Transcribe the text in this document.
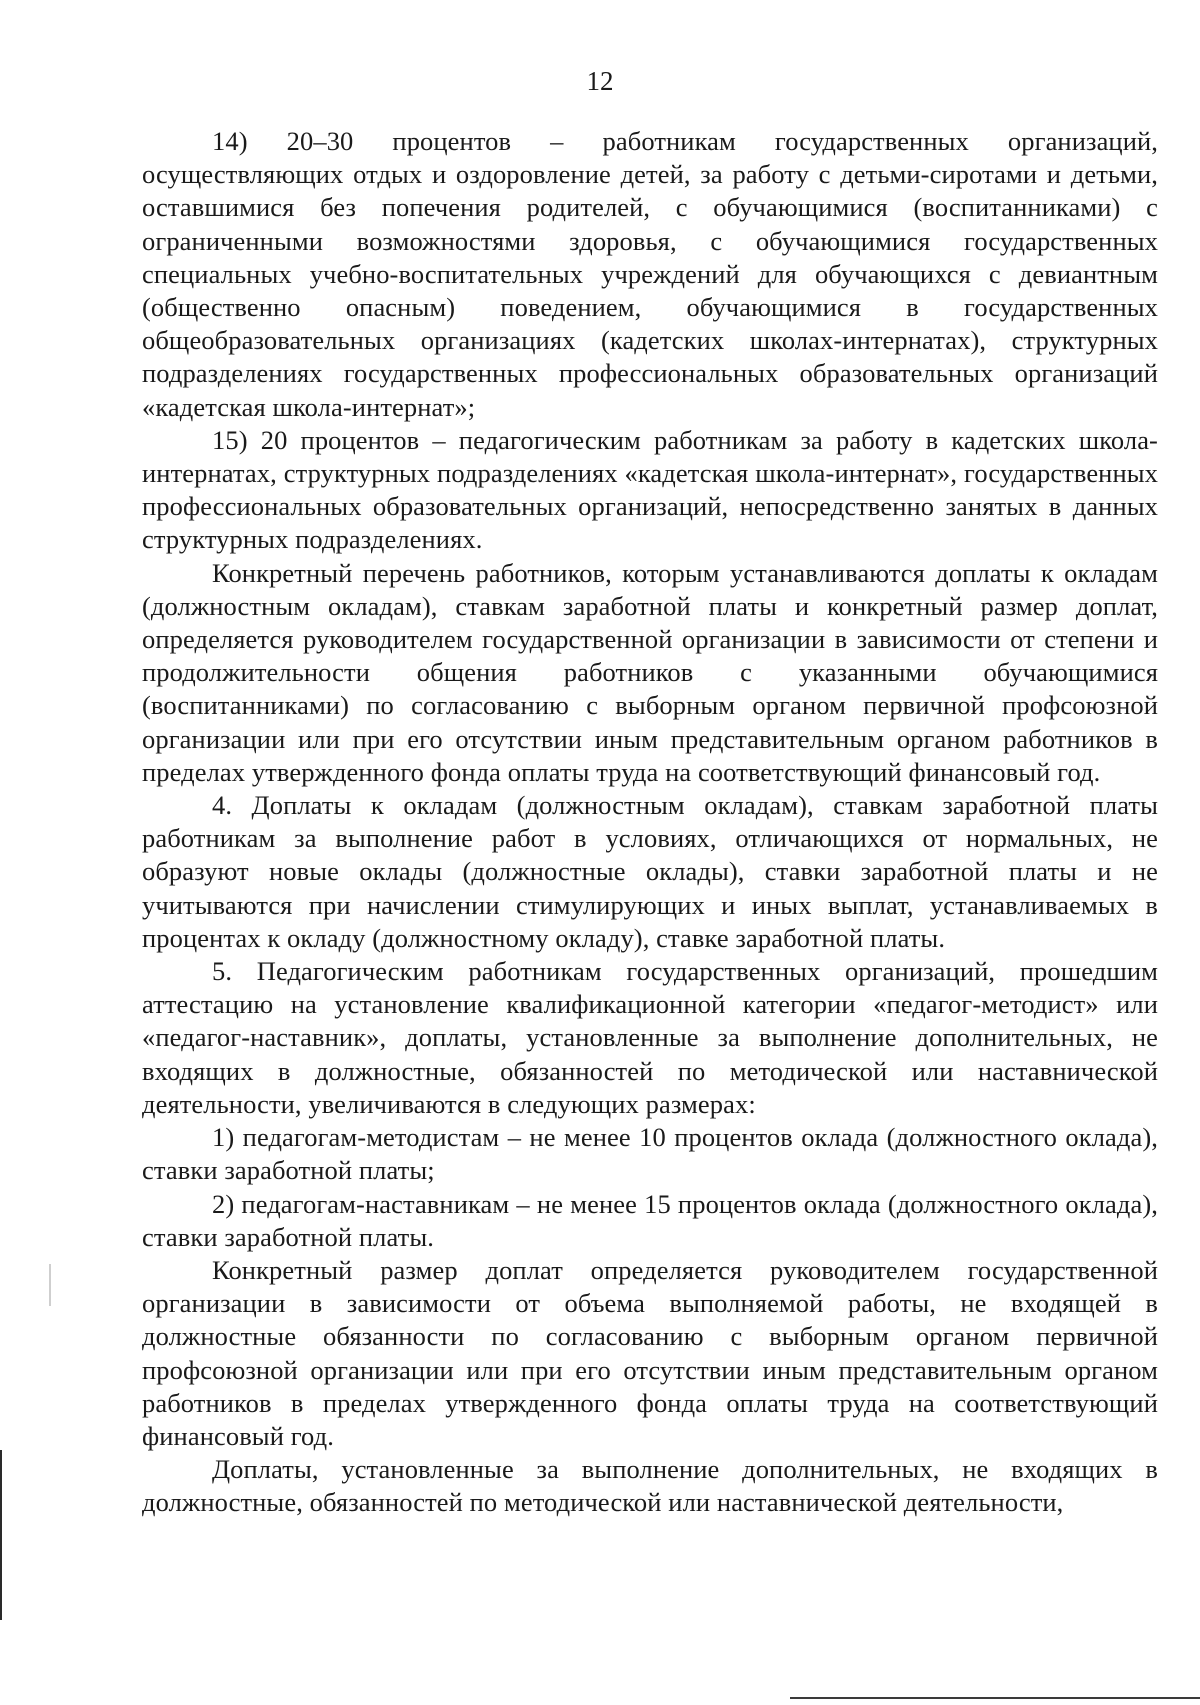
12

14) 20–30 процентов – работникам государственных организаций, осуществляющих отдых и оздоровление детей, за работу с детьми-сиротами и детьми, оставшимися без попечения родителей, с обучающимися (воспитанниками) с ограниченными возможностями здоровья, с обучающимися государственных специальных учебно-воспитательных учреждений для обучающихся с девиантным (общественно опасным) поведением, обучающимися в государственных общеобразовательных организациях (кадетских школах-интернатах), структурных подразделениях государственных профессиональных образовательных организаций «кадетская школа-интернат»;

15) 20 процентов – педагогическим работникам за работу в кадетских школа-интернатах, структурных подразделениях «кадетская школа-интернат», государственных профессиональных образовательных организаций, непосредственно занятых в данных структурных подразделениях.

Конкретный перечень работников, которым устанавливаются доплаты к окладам (должностным окладам), ставкам заработной платы и конкретный размер доплат, определяется руководителем государственной организации в зависимости от степени и продолжительности общения работников с указанными обучающимися (воспитанниками) по согласованию с выборным органом первичной профсоюзной организации или при его отсутствии иным представительным органом работников в пределах утвержденного фонда оплаты труда на соответствующий финансовый год.

4. Доплаты к окладам (должностным окладам), ставкам заработной платы работникам за выполнение работ в условиях, отличающихся от нормальных, не образуют новые оклады (должностные оклады), ставки заработной платы и не учитываются при начислении стимулирующих и иных выплат, устанавливаемых в процентах к окладу (должностному окладу), ставке заработной платы.

5. Педагогическим работникам государственных организаций, прошедшим аттестацию на установление квалификационной категории «педагог-методист» или «педагог-наставник», доплаты, установленные за выполнение дополнительных, не входящих в должностные, обязанностей по методической или наставнической деятельности, увеличиваются в следующих размерах:

1) педагогам-методистам – не менее 10 процентов оклада (должностного оклада), ставки заработной платы;

2) педагогам-наставникам – не менее 15 процентов оклада (должностного оклада), ставки заработной платы.

Конкретный размер доплат определяется руководителем государственной организации в зависимости от объема выполняемой работы, не входящей в должностные обязанности по согласованию с выборным органом первичной профсоюзной организации или при его отсутствии иным представительным органом работников в пределах утвержденного фонда оплаты труда на соответствующий финансовый год.

Доплаты, установленные за выполнение дополнительных, не входящих в должностные, обязанностей по методической или наставнической деятельности,
